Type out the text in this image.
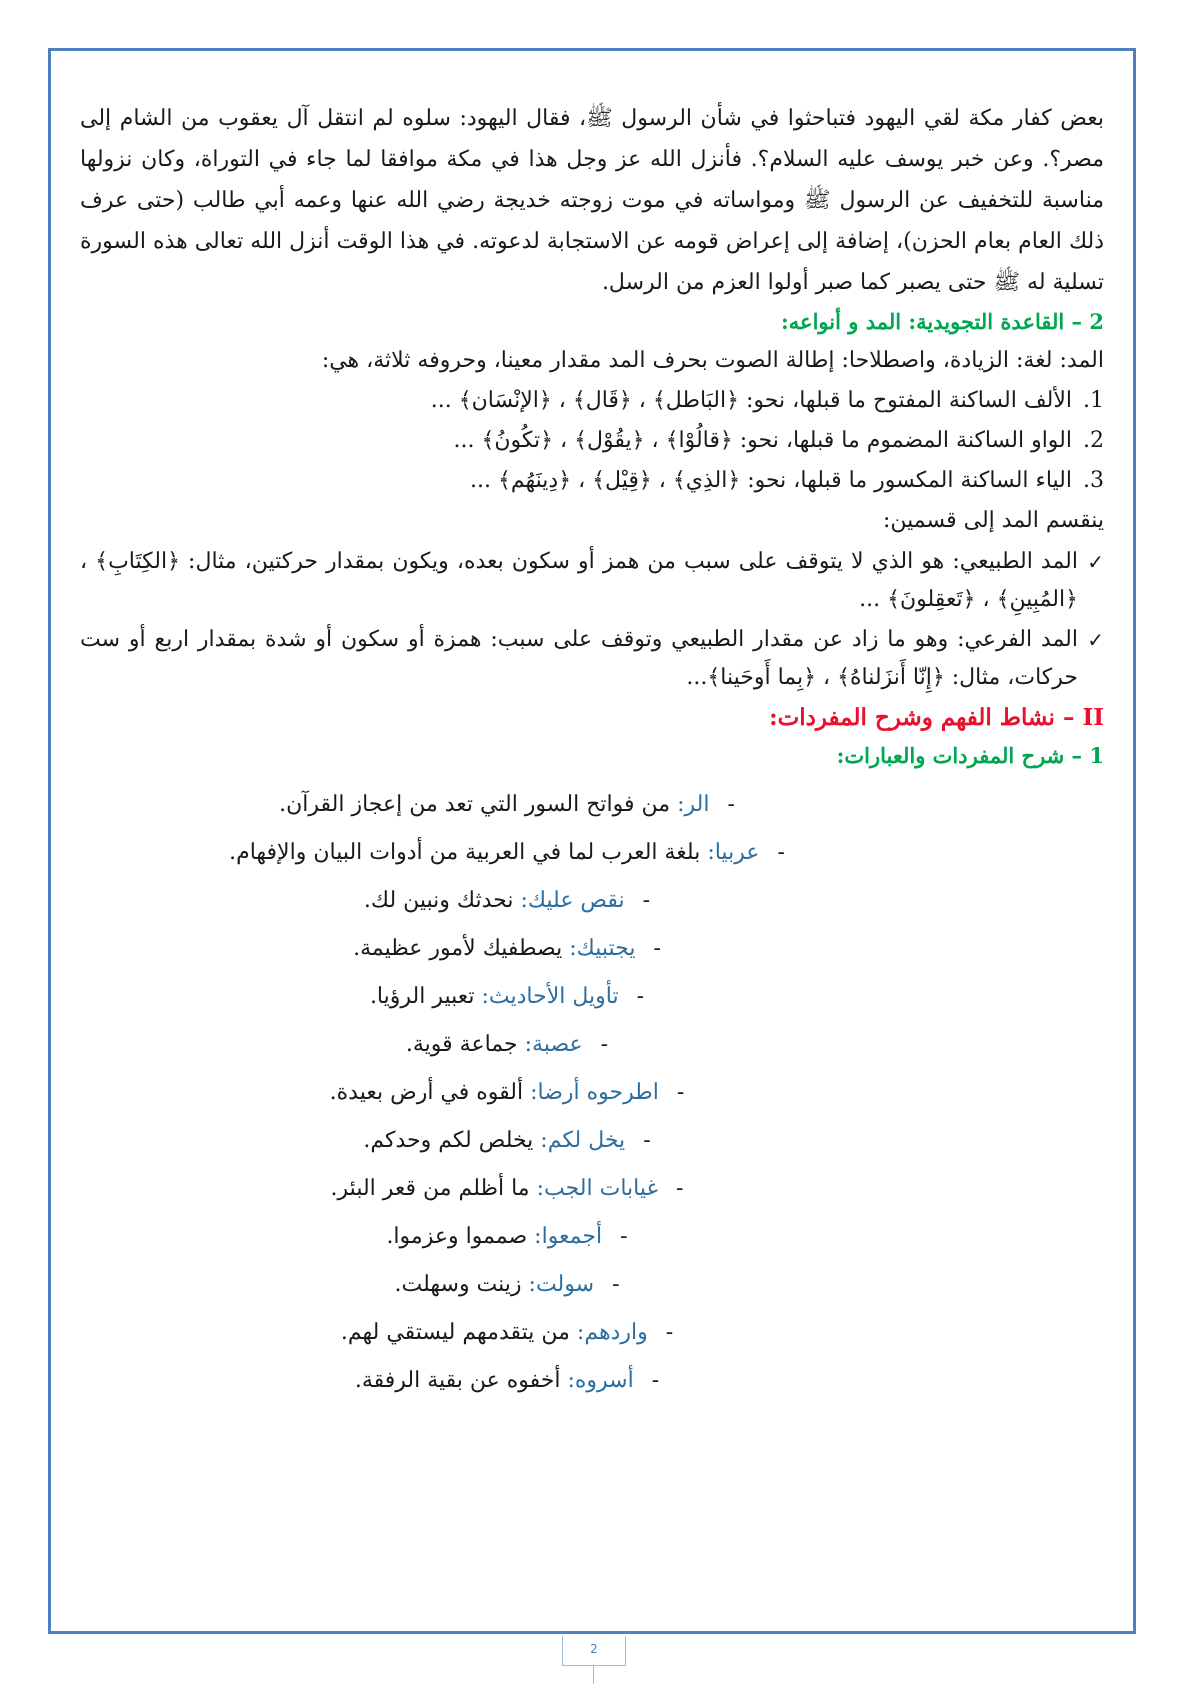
بعض كفار مكة لقي اليهود فتباحثوا في شأن الرسول ﷺ، فقال اليهود: سلوه لم انتقل آل يعقوب من الشام إلى مصر؟. وعن خبر يوسف عليه السلام؟. فأنزل الله عز وجل هذا في مكة موافقا لما جاء في التوراة، وكان نزولها مناسبة للتخفيف عن الرسول ﷺ ومواساته في موت زوجته خديجة رضي الله عنها وعمه أبي طالب (حتى عرف ذلك العام بعام الحزن)، إضافة إلى إعراض قومه عن الاستجابة لدعوته. في هذا الوقت أنزل الله تعالى هذه السورة تسلية له ﷺ حتى يصبر كما صبر أولوا العزم من الرسل.

2 – القاعدة التجويدية: المد و أنواعه:

المد: لغة: الزيادة، واصطلاحا: إطالة الصوت بحرف المد مقدار معينا، وحروفه ثلاثة، هي:

1.الألف الساكنة المفتوح ما قبلها، نحو: ﴿البَاطل﴾ ، ﴿قَال﴾ ، ﴿الإنْسَان﴾ ...

2.الواو الساكنة المضموم ما قبلها، نحو: ﴿قالُوْا﴾ ، ﴿يقُوْل﴾ ، ﴿تكُونُ﴾ ...

3.الياء الساكنة المكسور ما قبلها، نحو: ﴿الذِي﴾ ، ﴿قِيْل﴾ ، ﴿دِينَهُم﴾ ...

ينقسم المد إلى قسمين:

✓
المد الطبيعي: هو الذي لا يتوقف على سبب من همز أو سكون بعده، ويكون بمقدار حركتين، مثال: ﴿الكِتَابِ﴾ ، ﴿المُبِينِ﴾ ، ﴿تَعقِلونَ﴾ ...
✓
المد الفرعي: وهو ما زاد عن مقدار الطبيعي وتوقف على سبب: همزة أو سكون أو شدة بمقدار اربع أو ست حركات، مثال: ﴿إِنّا أَنزَلناهُ﴾ ، ﴿بِما أَوحَينا﴾...

II – نشاط الفهم وشرح المفردات:

1 – شرح المفردات والعبارات:

-الر: من فواتح السور التي تعد من إعجاز القرآن.
-عربيا: بلغة العرب لما في العربية من أدوات البيان والإفهام.
-نقص عليك: نحدثك ونبين لك.
-يجتبيك: يصطفيك لأمور عظيمة.
-تأويل الأحاديث: تعبير الرؤيا.
-عصبة: جماعة قوية.
-اطرحوه أرضا: ألقوه في أرض بعيدة.
-يخل لكم: يخلص لكم وحدكم.
-غيابات الجب: ما أظلم من قعر البئر.
-أجمعوا: صمموا وعزموا.
-سولت: زينت وسهلت.
-واردهم: من يتقدمهم ليستقي لهم.
-أسروه: أخفوه عن بقية الرفقة.
2
